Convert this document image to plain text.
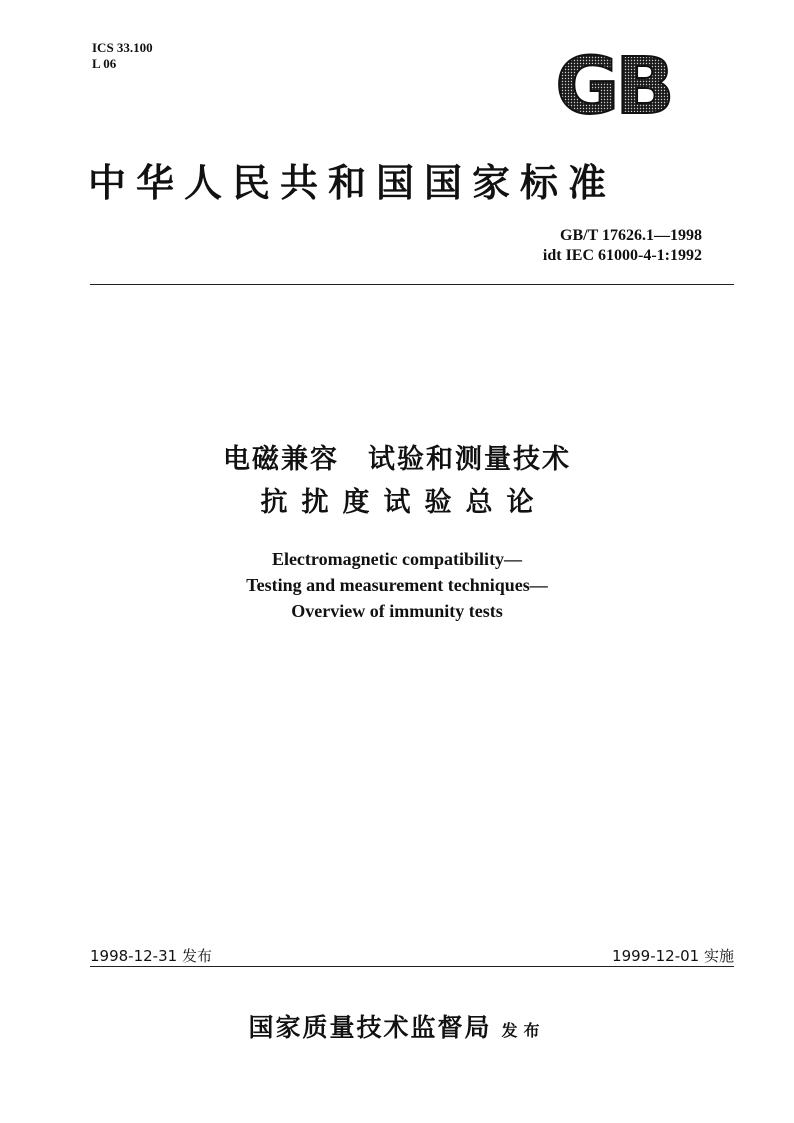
ICS 33.100
L 06	GB
中华人民共和国国家标准
GB/T 17626.1—1998
idt IEC 61000-4-1:1992
电磁兼容　试验和测量技术
抗扰度试验总论
Electromagnetic compatibility—
Testing and measurement techniques—
Overview of immunity tests
1998-12-31 发布	1999-12-01 实施
国家质量技术监督局 发布
